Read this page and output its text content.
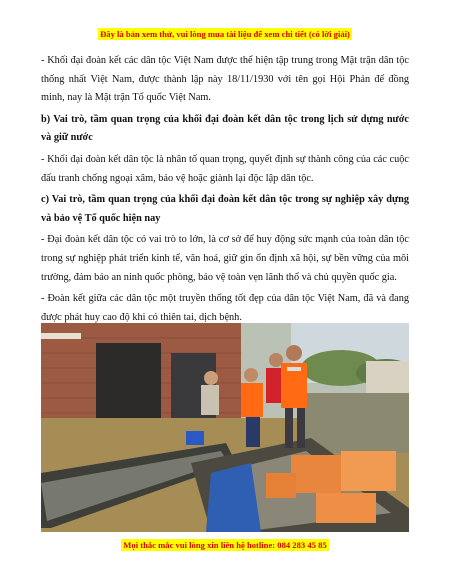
Đây là bản xem thử, vui lòng mua tài liệu để xem chi tiết (có lời giải)

- Khối đại đoàn kết các dân tộc Việt Nam được thể hiện tập trung trong Mặt trận dân tộc thống nhất Việt Nam, được thành lập này 18/11/1930 với tên gọi Hội Phản đế đồng minh, nay là Mặt trận Tổ quốc Việt Nam.

b) Vai trò, tầm quan trọng của khối đại đoàn kết dân tộc trong lịch sử dựng nước và giữ nước

- Khối đại đoàn kết dân tộc là nhân tố quan trọng, quyết định sự thành công của các cuộc đấu tranh chống ngoại xâm, bảo vệ hoặc giành lại độc lập dân tộc.

c) Vai trò, tầm quan trọng của khối đại đoàn kết dân tộc trong sự nghiệp xây dựng và bảo vệ Tổ quốc hiện nay

- Đại đoàn kết dân tộc có vai trò to lớn, là cơ sở để huy động sức mạnh của toàn dân tộc trong sự nghiệp phát triển kinh tế, văn hoá, giữ gìn ổn định xã hội, sự bền vững của môi trường, đảm bảo an ninh quốc phòng, bảo vệ toàn vẹn lãnh thổ và chủ quyền quốc gia.

- Đoàn kết giữa các dân tộc một truyền thống tốt đẹp của dân tộc Việt Nam, đã và đang được phát huy cao độ khi có thiên tai, dịch bệnh.

Mọi thắc mắc vui lòng xin liên hệ hotline: 084 283 45 85
